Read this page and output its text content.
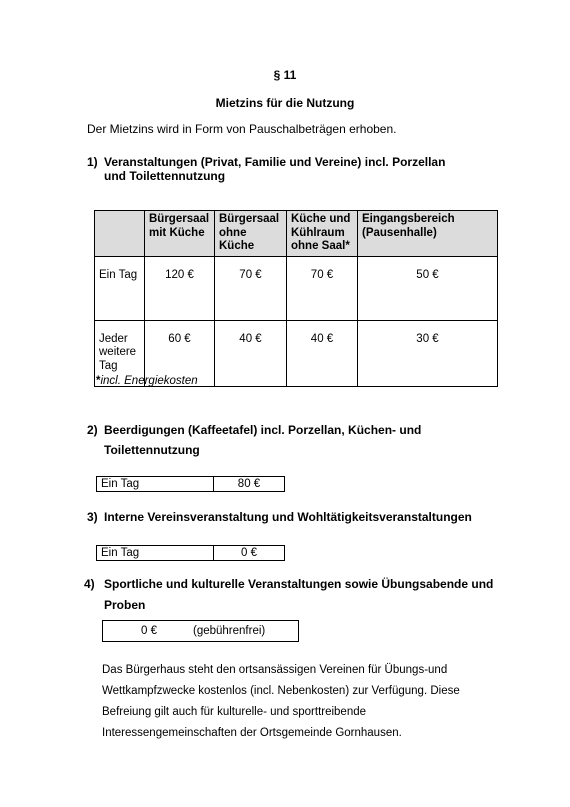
§ 11
Mietzins für die Nutzung
Der Mietzins wird in Form von Pauschalbeträgen erhoben.
1) Veranstaltungen (Privat, Familie und Vereine) incl. Porzellan
und Toilettennutzung
	Bürgersaal mit Küche	Bürgersaal ohne Küche	Küche und Kühlraum ohne Saal*	Eingangsbereich (Pausenhalle)
Ein Tag	120 €	70 €	70 €	50 €
Jeder weitere Tag	60 €	40 €	40 €	30 €
*incl. Energiekosten
2) Beerdigungen (Kaffeetafel) incl. Porzellan, Küchen- und
Toilettennutzung
Ein Tag	80 €
3) Interne Vereinsveranstaltung und Wohltätigkeitsveranstaltungen
Ein Tag	0 €
4) Sportliche und kulturelle Veranstaltungen sowie Übungsabende und
Proben
0 €	(gebührenfrei)
Das Bürgerhaus steht den ortsansässigen Vereinen für Übungs-und
Wettkampfzwecke kostenlos (incl. Nebenkosten) zur Verfügung. Diese
Befreiung gilt auch für kulturelle- und sporttreibende
Interessengemeinschaften der Ortsgemeinde Gornhausen.
